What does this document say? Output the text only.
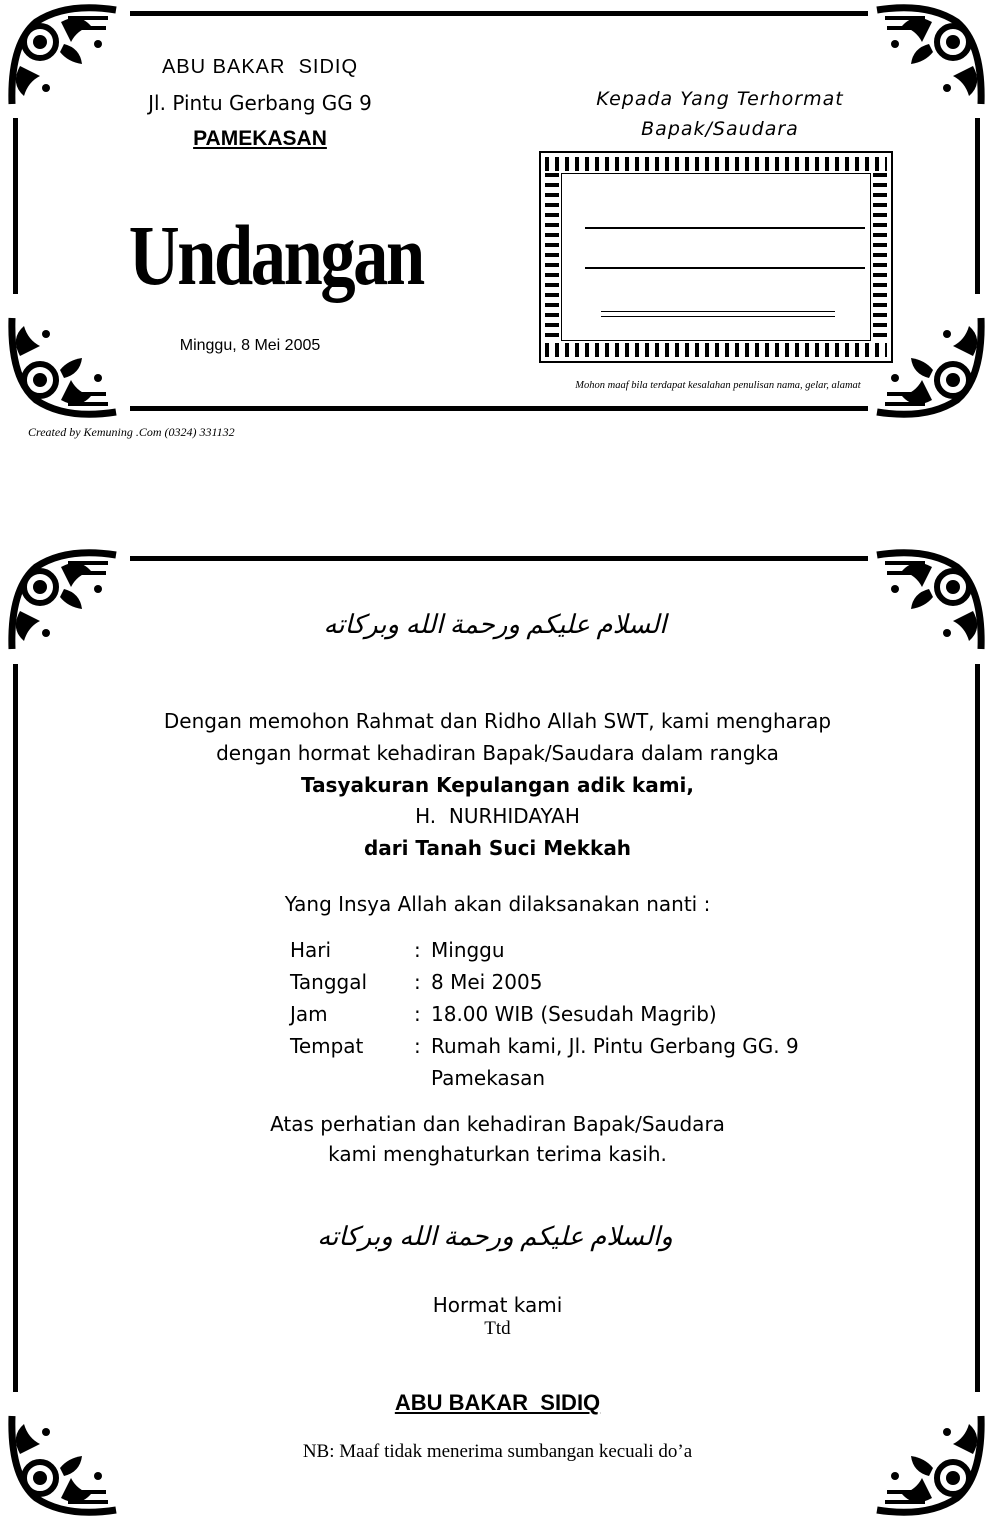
ABU BAKAR  SIDIQ
Jl. Pintu Gerbang GG 9
PAMEKASAN
Undangan
Minggu, 8 Mei 2005
Kepada Yang Terhormat
Bapak/Saudara
Mohon maaf bila terdapat kesalahan penulisan nama, gelar, alamat
Created by Kemuning .Com (0324) 331132
السلام عليكم ورحمة الله وبركاته
Dengan memohon Rahmat dan Ridho Allah SWT, kami mengharap
dengan hormat kehadiran Bapak/Saudara dalam rangka
Tasyakuran Kepulangan adik kami,
H.  NURHIDAYAH
dari Tanah Suci Mekkah
Yang Insya Allah akan dilaksanakan nanti :
Hari	: Minggu
Tanggal : 8 Mei 2005
Jam	: 18.00 WIB (Sesudah Magrib)
Tempat	: Rumah kami, Jl. Pintu Gerbang GG. 9
Pamekasan
Atas perhatian dan kehadiran Bapak/Saudara
kami menghaturkan terima kasih.
والسلام عليكم ورحمة الله وبركاته
Hormat kami
Ttd
ABU BAKAR  SIDIQ
NB: Maaf tidak menerima sumbangan kecuali do’a
